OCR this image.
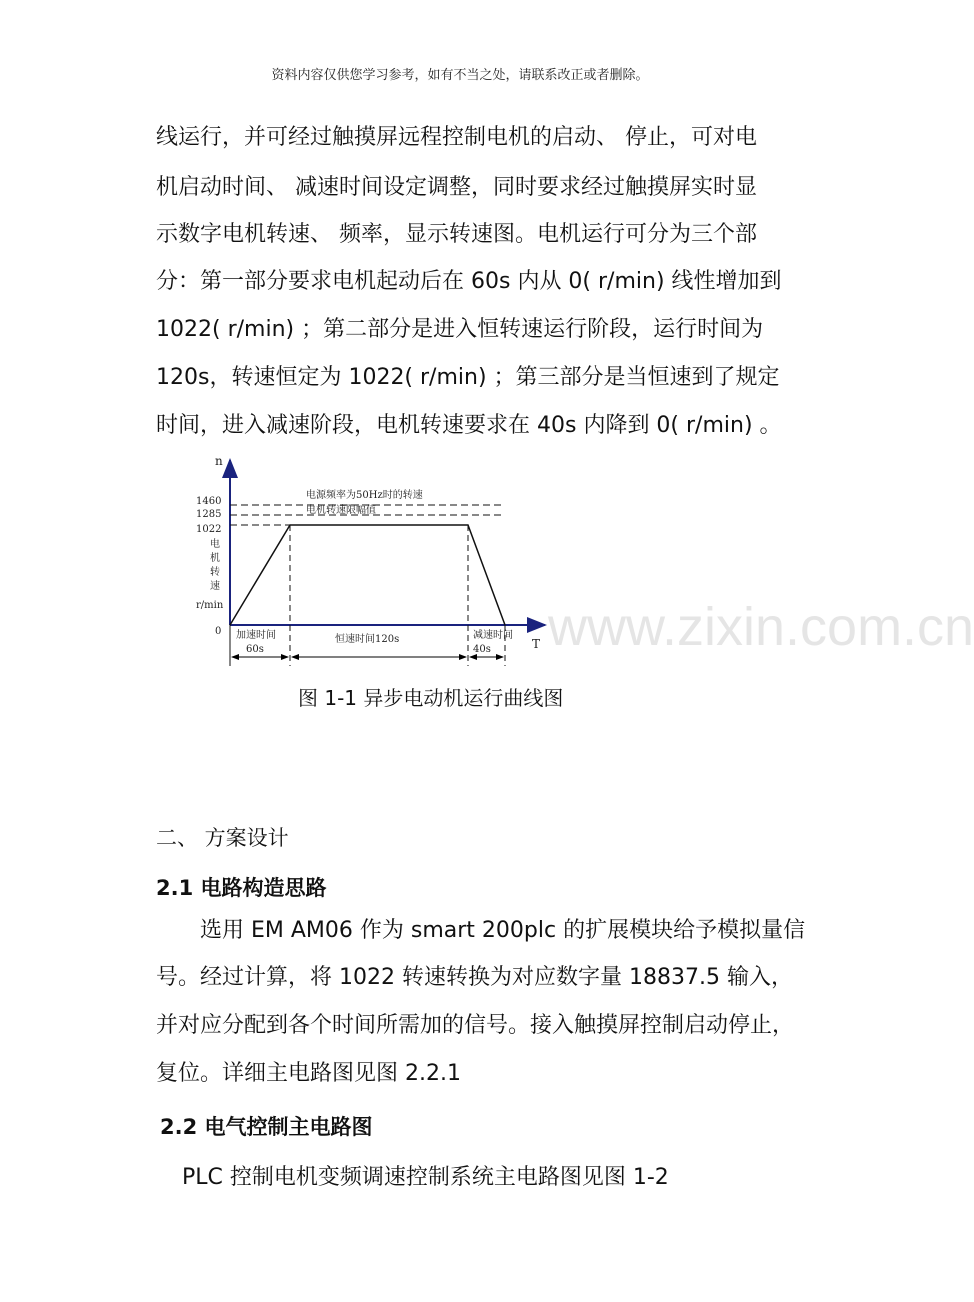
资料内容仅供您学习参考，如有不当之处，请联系改正或者删除。
线运行，并可经过触摸屏远程控制电机的启动、 停止，可对电
机启动时间、 减速时间设定调整，同时要求经过触摸屏实时显
示数字电机转速、 频率，显示转速图。电机运行可分为三个部
分：第一部分要求电机起动后在 60s 内从 0( r/min) 线性增加到
1022( r/min) ；第二部分是进入恒转速运行阶段，运行时间为
120s，转速恒定为 1022( r/min) ；第三部分是当恒速到了规定
时间，进入减速阶段，电机转速要求在 40s 内降到 0( r/min) 。
www.zixin.com.cn
n
T
1460
1285
1022
0
电
机
转
速
r/min
电源频率为50Hz时的转速
电机转速限幅值
加速时间
60s
恒速时间120s	减速时间
40s
图 1-1 异步电动机运行曲线图
二、 方案设计
2.1 电路构造思路
选用 EM AM06 作为 smart 200plc 的扩展模块给予模拟量信
号。经过计算，将 1022 转速转换为对应数字量 18837.5 输入，
并对应分配到各个时间所需加的信号。接入触摸屏控制启动停止，
复位。详细主电路图见图 2.2.1
2.2 电气控制主电路图
PLC 控制电机变频调速控制系统主电路图见图 1-2
